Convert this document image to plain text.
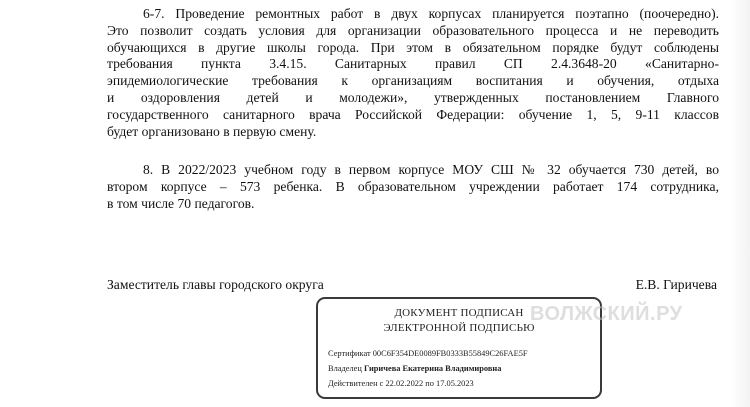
6-7. Проведение ремонтных работ в двух корпусах планируется поэтапно (поочередно).
Это позволит создать условия для организации образовательного процесса и не переводить
обучающихся в другие школы города. При этом в обязательном порядке будут соблюдены
требования пункта 3.4.15. Санитарных правил СП 2.4.3648-20 «Санитарно-
эпидемиологические требования к организациям воспитания и обучения, отдыха
и оздоровления детей и молодежи», утвержденных постановлением Главного
государственного санитарного врача Российской Федерации: обучение 1, 5, 9-11 классов
будет организовано в первую смену.
8. В 2022/2023 учебном году в первом корпусе МОУ СШ № 32 обучается 730 детей, во
втором корпусе – 573 ребенка. В образовательном учреждении работает 174 сотрудника,
в том числе 70 педагогов.
Заместитель главы городского округа	Е.В. Гиричева
ДОКУМЕНТ ПОДПИСАН
ЭЛЕКТРОННОЙ ПОДПИСЬЮ
Сертификат 00C6F354DE0089FB0333B55849C26FAE5F
Владелец Гиричева Екатерина Владимировна
Действителен с 22.02.2022 по 17.05.2023
ВОЛЖСКИЙ.РУ
